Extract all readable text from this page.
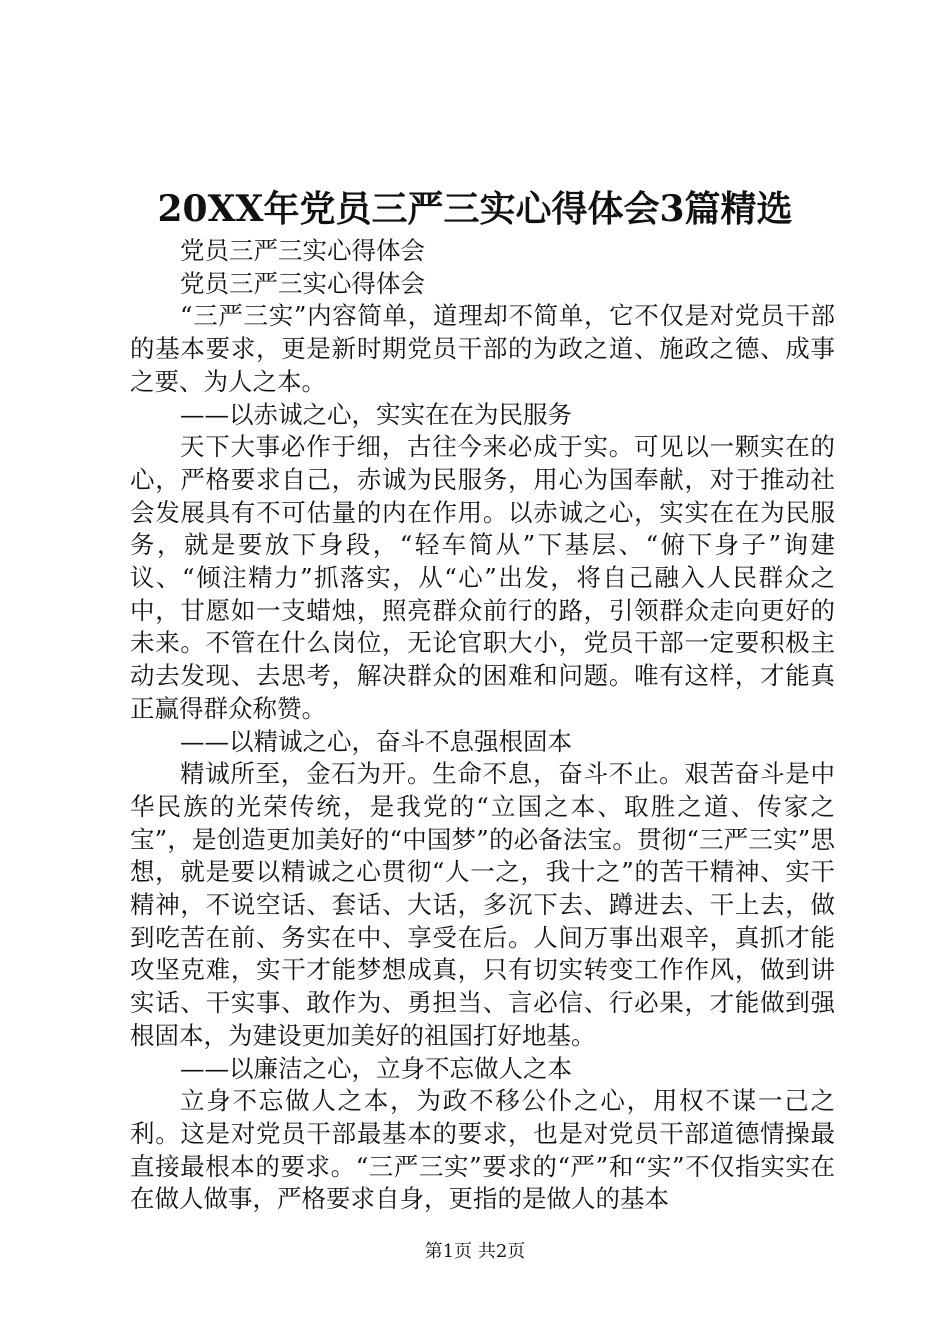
20XX年党员三严三实心得体会3篇精选

党员三严三实心得体会

党员三严三实心得体会

“三严三实”内容简单，道理却不简单，它不仅是对党员干部的基本要求，更是新时期党员干部的为政之道、施政之德、成事之要、为人之本。

——以赤诚之心，实实在在为民服务

天下大事必作于细，古往今来必成于实。可见以一颗实在的心，严格要求自己，赤诚为民服务，用心为国奉献，对于推动社会发展具有不可估量的内在作用。以赤诚之心，实实在在为民服务，就是要放下身段，“轻车简从”下基层、“俯下身子”询建议、“倾注精力”抓落实，从“心”出发，将自己融入人民群众之中，甘愿如一支蜡烛，照亮群众前行的路，引领群众走向更好的未来。不管在什么岗位，无论官职大小，党员干部一定要积极主动去发现、去思考，解决群众的困难和问题。唯有这样，才能真正赢得群众称赞。

——以精诚之心，奋斗不息强根固本

精诚所至，金石为开。生命不息，奋斗不止。艰苦奋斗是中华民族的光荣传统，是我党的“立国之本、取胜之道、传家之宝”，是创造更加美好的“中国梦”的必备法宝。贯彻“三严三实”思想，就是要以精诚之心贯彻“人一之，我十之”的苦干精神、实干精神，不说空话、套话、大话，多沉下去、蹲进去、干上去，做到吃苦在前、务实在中、享受在后。人间万事出艰辛，真抓才能攻坚克难，实干才能梦想成真，只有切实转变工作作风，做到讲实话、干实事、敢作为、勇担当、言必信、行必果，才能做到强根固本，为建设更加美好的祖国打好地基。

——以廉洁之心，立身不忘做人之本

立身不忘做人之本，为政不移公仆之心，用权不谋一己之利。这是对党员干部最基本的要求，也是对党员干部道德情操最直接最根本的要求。“三严三实”要求的“严”和“实”不仅指实实在在做人做事，严格要求自身，更指的是做人的基本

第1页 共2页
